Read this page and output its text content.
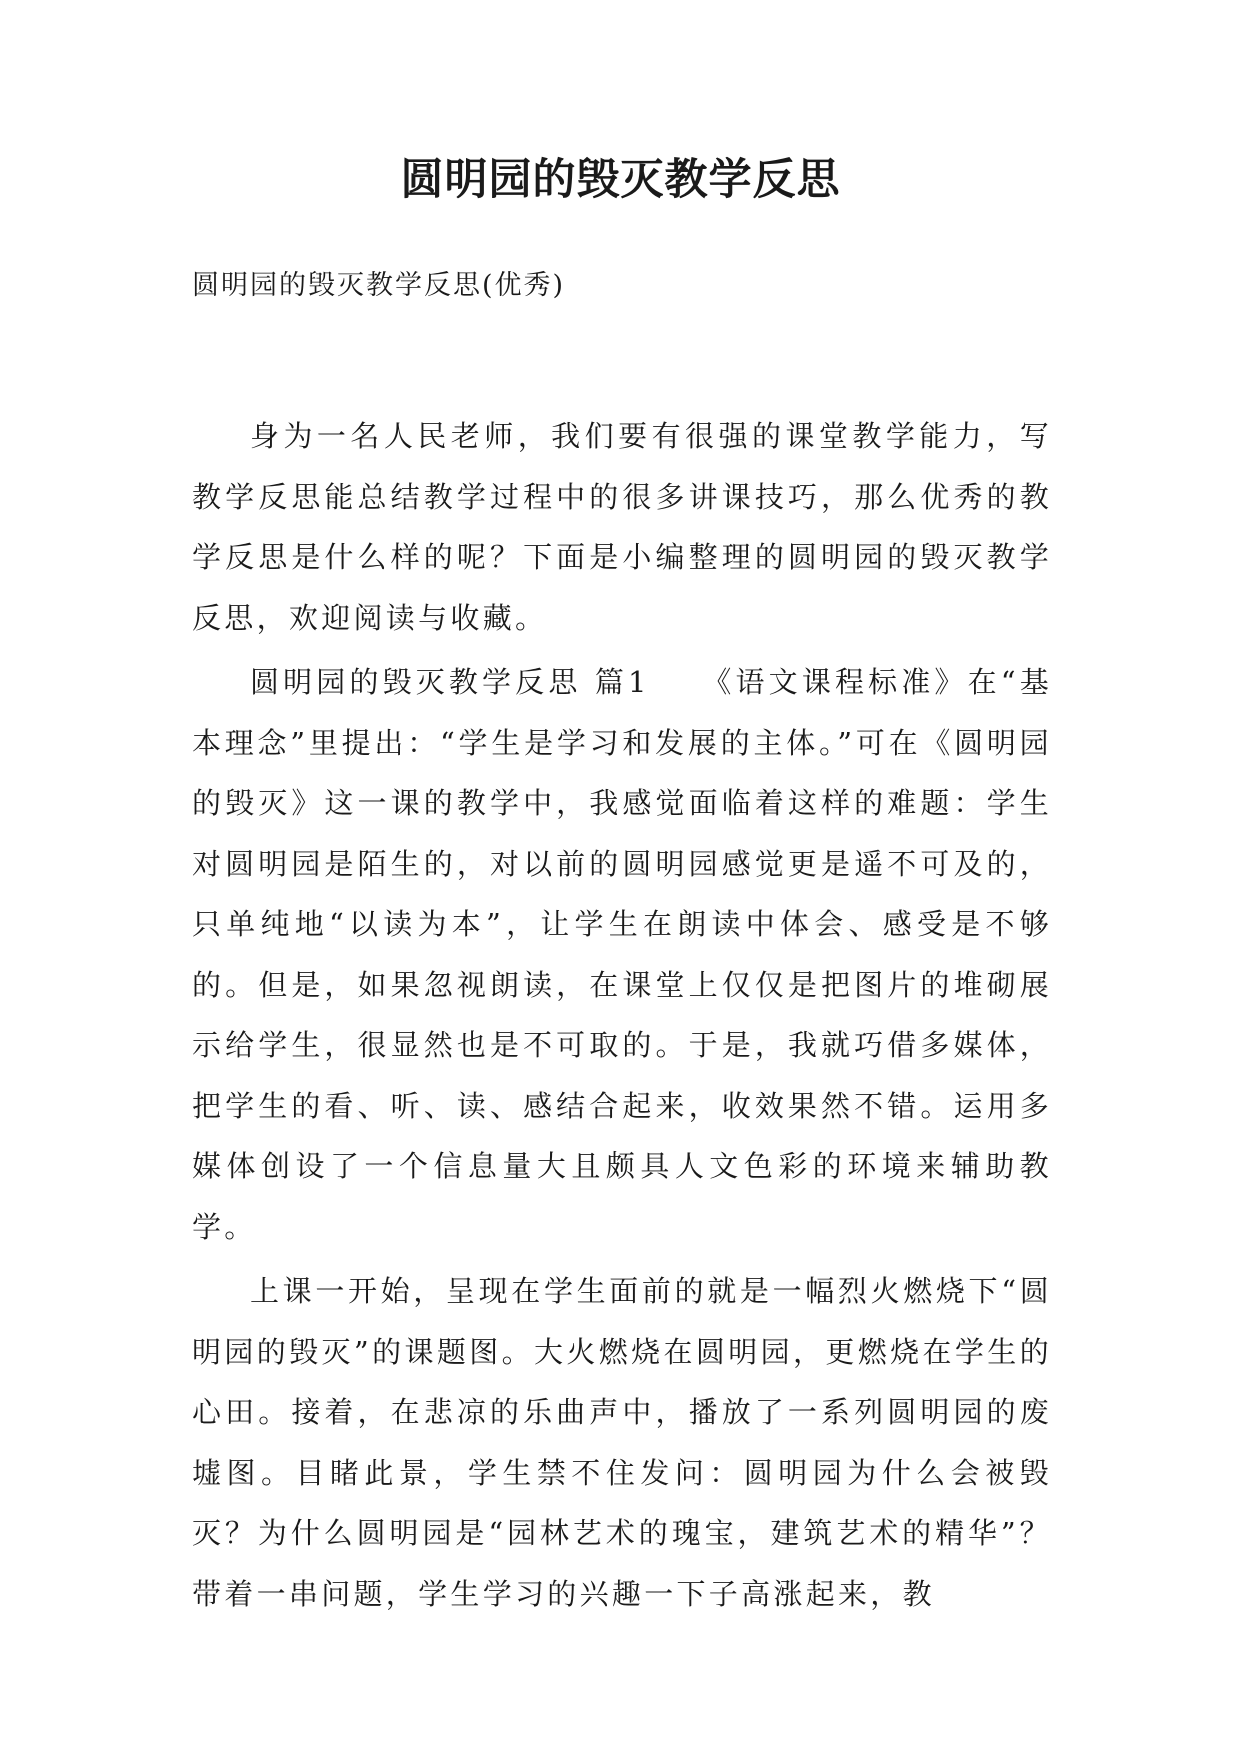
圆明园的毁灭教学反思

圆明园的毁灭教学反思(优秀)

身为一名人民老师，我们要有很强的课堂教学能力，写教学反思能总结教学过程中的很多讲课技巧，那么优秀的教学反思是什么样的呢？下面是小编整理的圆明园的毁灭教学反思，欢迎阅读与收藏。

圆明园的毁灭教学反思 篇1　　《语文课程标准》在“基本理念”里提出：“学生是学习和发展的主体。”可在《圆明园的毁灭》这一课的教学中，我感觉面临着这样的难题：学生对圆明园是陌生的，对以前的圆明园感觉更是遥不可及的，只单纯地“以读为本”，让学生在朗读中体会、感受是不够的。但是，如果忽视朗读，在课堂上仅仅是把图片的堆砌展示给学生，很显然也是不可取的。于是，我就巧借多媒体，把学生的看、听、读、感结合起来，收效果然不错。运用多媒体创设了一个信息量大且颇具人文色彩的环境来辅助教学。

上课一开始，呈现在学生面前的就是一幅烈火燃烧下“圆明园的毁灭”的课题图。大火燃烧在圆明园，更燃烧在学生的心田。接着，在悲凉的乐曲声中，播放了一系列圆明园的废墟图。目睹此景，学生禁不住发问：圆明园为什么会被毁灭？为什么圆明园是“园林艺术的瑰宝，建筑艺术的精华”？带着一串问题，学生学习的兴趣一下子高涨起来，教
